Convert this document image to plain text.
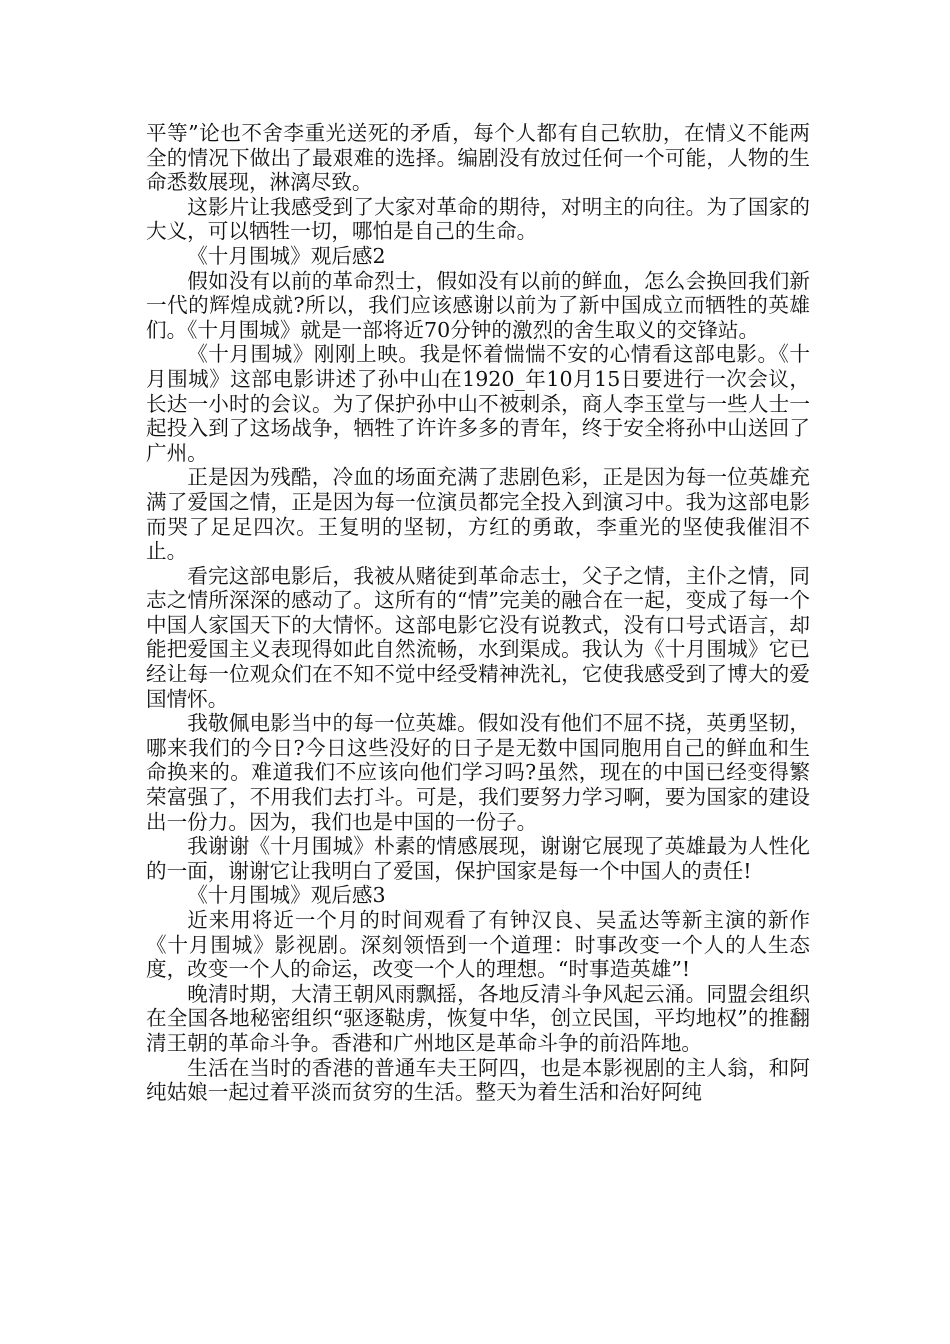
平等”论也不舍李重光送死的矛盾，每个人都有自己软肋，在情义不能两全的情况下做出了最艰难的选择。编剧没有放过任何一个可能，人物的生命悉数展现，淋漓尽致。

这影片让我感受到了大家对革命的期待，对明主的向往。为了国家的大义，可以牺牲一切，哪怕是自己的生命。

《十月围城》观后感2

假如没有以前的革命烈士，假如没有以前的鲜血，怎么会换回我们新一代的辉煌成就?所以，我们应该感谢以前为了新中国成立而牺牲的英雄们。《十月围城》就是一部将近70分钟的激烈的舍生取义的交锋站。

《十月围城》刚刚上映。我是怀着惴惴不安的心情看这部电影。《十月围城》这部电影讲述了孙中山在1920_年10月15日要进行一次会议，长达一小时的会议。为了保护孙中山不被刺杀，商人李玉堂与一些人士一起投入到了这场战争，牺牲了许许多多的青年，终于安全将孙中山送回了广州。

正是因为残酷，冷血的场面充满了悲剧色彩，正是因为每一位英雄充满了爱国之情，正是因为每一位演员都完全投入到演习中。我为这部电影而哭了足足四次。王复明的坚韧，方红的勇敢，李重光的坚使我催泪不止。

看完这部电影后，我被从赌徒到革命志士，父子之情，主仆之情，同志之情所深深的感动了。这所有的“情”完美的融合在一起，变成了每一个中国人家国天下的大情怀。这部电影它没有说教式，没有口号式语言，却能把爱国主义表现得如此自然流畅，水到渠成。我认为《十月围城》它已经让每一位观众们在不知不觉中经受精神洗礼，它使我感受到了博大的爱国情怀。

我敬佩电影当中的每一位英雄。假如没有他们不屈不挠，英勇坚韧，哪来我们的今日?今日这些没好的日子是无数中国同胞用自己的鲜血和生命换来的。难道我们不应该向他们学习吗?虽然，现在的中国已经变得繁荣富强了，不用我们去打斗。可是，我们要努力学习啊，要为国家的建设出一份力。因为，我们也是中国的一份子。

我谢谢《十月围城》朴素的情感展现，谢谢它展现了英雄最为人性化的一面，谢谢它让我明白了爱国，保护国家是每一个中国人的责任!

《十月围城》观后感3

近来用将近一个月的时间观看了有钟汉良、吴孟达等新主演的新作《十月围城》影视剧。深刻领悟到一个道理：时事改变一个人的人生态度，改变一个人的命运，改变一个人的理想。“时事造英雄”!

晚清时期，大清王朝风雨飘摇，各地反清斗争风起云涌。同盟会组织在全国各地秘密组织“驱逐鞑虏，恢复中华，创立民国，平均地权”的推翻清王朝的革命斗争。香港和广州地区是革命斗争的前沿阵地。

生活在当时的香港的普通车夫王阿四，也是本影视剧的主人翁，和阿纯姑娘一起过着平淡而贫穷的生活。整天为着生活和治好阿纯
